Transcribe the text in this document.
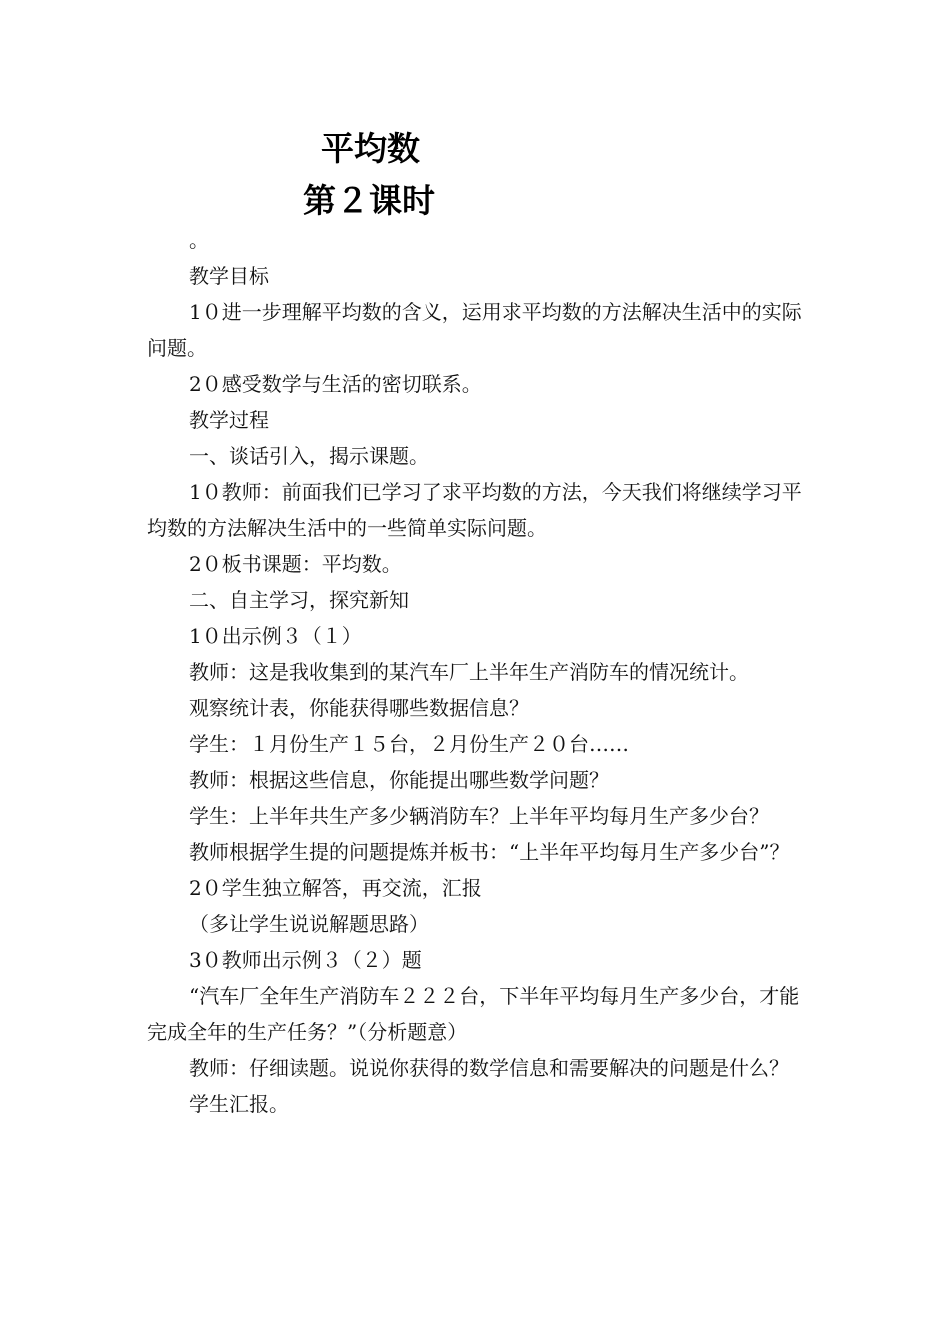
平均数
第２课时

。

教学目标

1０进一步理解平均数的含义，运用求平均数的方法解决生活中的实际问题。

2０感受数学与生活的密切联系。

教学过程

一、谈话引入，揭示课题。

1０教师：前面我们已学习了求平均数的方法，今天我们将继续学习平均数的方法解决生活中的一些简单实际问题。

2０板书课题：平均数。

二、自主学习，探究新知

1０出示例３（１）

教师：这是我收集到的某汽车厂上半年生产消防车的情况统计。

观察统计表，你能获得哪些数据信息？

学生：１月份生产１５台，２月份生产２０台……

教师：根据这些信息，你能提出哪些数学问题？

学生：上半年共生产多少辆消防车？上半年平均每月生产多少台？

教师根据学生提的问题提炼并板书：“上半年平均每月生产多少台”？

2０学生独立解答，再交流，汇报

（多让学生说说解题思路）

3０教师出示例３（２）题

“汽车厂全年生产消防车２２２台，下半年平均每月生产多少台，才能完成全年的生产任务？”（分析题意）

教师：仔细读题。说说你获得的数学信息和需要解决的问题是什么？

学生汇报。
